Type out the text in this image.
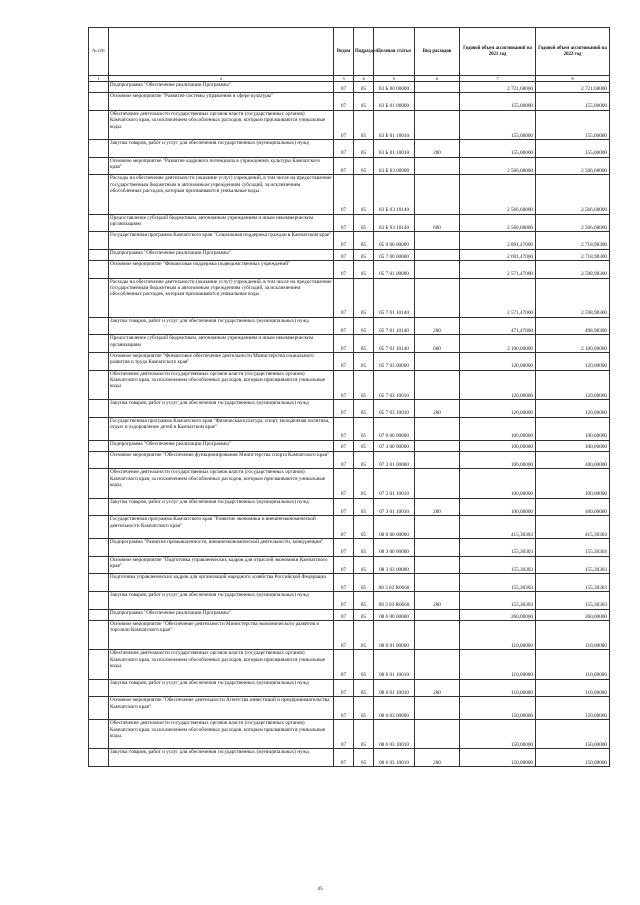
№ п/п		Ведом	Подраздел	Целевая статья	Вид расходов	Годовой объем ассигнований на 2021 год	Годовой объем ассигнований на 2022 год
1	2	3	4	5	6	7	8
	Подпрограмма "Обеспечение реализации Программы"	07	05	03 Б 00 00000		2 721,68000	2 721,68000
	Основное мероприятие "Развитие системы управления в сфере культуры"	07	05	03 Б 01 00000		155,00000	155,00000
	Обеспечение деятельности государственных органов власти (государственных органов) Камчатского края, за исключением обособленных расходов, которым присваиваются уникальные коды.	07	05	03 Б 01 10010		155,00000	155,00000
	Закупка товаров, работ и услуг для обеспечения государственных (муниципальных) нужд	07	05	03 Б 01 10010	200	155,00000	155,00000
	Основное мероприятие "Развитие кадрового потенциала в учреждениях культуры Камчатского края"	07	05	03 Б 03 00000		2 566,68000	2 566,68000
	Расходы на обеспечение деятельности (оказание услуг) учреждений, в том числе на предоставление государственным бюджетным и автономным учреждениям субсидий, за исключением обособленных расходов, которым присваиваются уникальные коды	07	05	03 Б 03 10140		2 566,68000	2 566,68000
	Предоставление субсидий бюджетным, автономным учреждениям и иным некоммерческим организациям	07	05	03 Б 03 10140	600	2 566,68000	2 566,68000
	Государственная программа Камчатского края "Социальная поддержка граждан в Камчатском крае"	07	05	05 0 00 00000		2 891,47000	2 718,98300
	Подпрограмма "Обеспечение реализации Программы"	07	05	05 7 00 00000		2 691,47000	2 718,98300
	Основное мероприятие "Финансовая поддержка подведомственных учреждений"	07	05	05 7 01 00000		2 571,47000	2 598,98300
	Расходы на обеспечение деятельности (оказание услуг) учреждений, в том числе на предоставление государственным бюджетным и автономным учреждениям субсидий, за исключением обособленных расходов, которым присваиваются уникальные коды	07	05	05 7 01 10140		2 571,47000	2 598,98300
	Закупка товаров, работ и услуг для обеспечения государственных (муниципальных) нужд	07	05	05 7 01 10140	200	471,47000	498,98300
	Предоставление субсидий бюджетным, автономным учреждениям и иным некоммерческим организациям	07	05	05 7 01 10140	600	2 100,00000	2 100,00000
	Основное мероприятие "Финансовое обеспечение деятельности Министерства социального развития и труда Камчатского края"	07	05	05 7 03 00000		120,00000	120,00000
	Обеспечение деятельности государственных органов власти (государственных органов) Камчатского края, за исключением обособленных расходов, которым присваиваются уникальные коды	07	05	05 7 03 10010		120,00000	120,00000
	Закупка товаров, работ и услуг для обеспечения государственных (муниципальных) нужд	07	05	05 7 03 10010	200	120,00000	120,00000
	Государственная программа Камчатского края "Физическая культура, спорт, молодежная политика, отдых и оздоровление детей в Камчатском крае"	07	05	07 0 00 00000		100,00000	100,00000
	Подпрограмма "Обеспечение реализации Программы"	07	05	07 3 00 00000		100,00000	100,00000
	Основное мероприятие "Обеспечение функционирования Министерства спорта Камчатского края"	07	05	07 3 01 00000		100,00000	100,00000
	Обеспечение деятельности государственных органов власти (государственных органов) Камчатского края, за исключением обособленных расходов, которым присваиваются уникальные коды.	07	05	07 3 01 10010		100,00000	100,00000
	Закупка товаров, работ и услуг для обеспечения государственных (муниципальных) нужд	07	05	07 3 01 10010	200	100,00000	100,00000
	Государственная программа Камчатского края "Развитие экономики и внешнеэкономической деятельности Камчатского края"	07	05	08 0 00 00000		415,30303	415,30303
	Подпрограмма "Развитие промышленности, внешнеэкономической деятельности, конкуренции"	07	05	08 3 00 00000		155,30303	155,30303
	Основное мероприятие "Подготовка управленческих кадров для отраслей экономики Камчатского края"	07	05	08 3 03 00000		155,30303	155,30303
	Подготовка управленческих кадров для организаций народного хозяйства Российской Федерации	07	05	08 3 03 R0660		155,30303	155,30303
	Закупка товаров, работ и услуг для обеспечения государственных (муниципальных) нужд	07	05	08 3 03 R0660	200	155,30303	155,30303
	Подпрограмма "Обеспечение реализации Программы"	07	05	08 6 00 00000		260,00000	260,00000
	Основное мероприятие "Обеспечение деятельности Министерства экономического развития и торговли Камчатского края"	07	05	08 6 01 00000		110,00000	110,00000
	Обеспечение деятельности государственных органов власти (государственных органов) Камчатского края, за исключением обособленных расходов, которым присваиваются уникальные коды.	07	05	08 6 01 10010		110,00000	110,00000
	Закупка товаров, работ и услуг для обеспечения государственных (муниципальных) нужд	07	05	08 6 01 10010	200	110,00000	110,00000
	Основное мероприятие "Обеспечение деятельности Агентства инвестиций и предпринимательства Камчатского края"	07	05	08 6 03 00000		150,00000	150,00000
	Обеспечение деятельности государственных органов власти (государственных органов) Камчатского края, за исключением обособленных расходов, которым присваиваются уникальные коды.	07	05	08 6 03 10010		150,00000	150,00000
	Закупка товаров, работ и услуг для обеспечения государственных (муниципальных) нужд	07	05	08 6 03 10010	200	150,00000	150,00000
45
